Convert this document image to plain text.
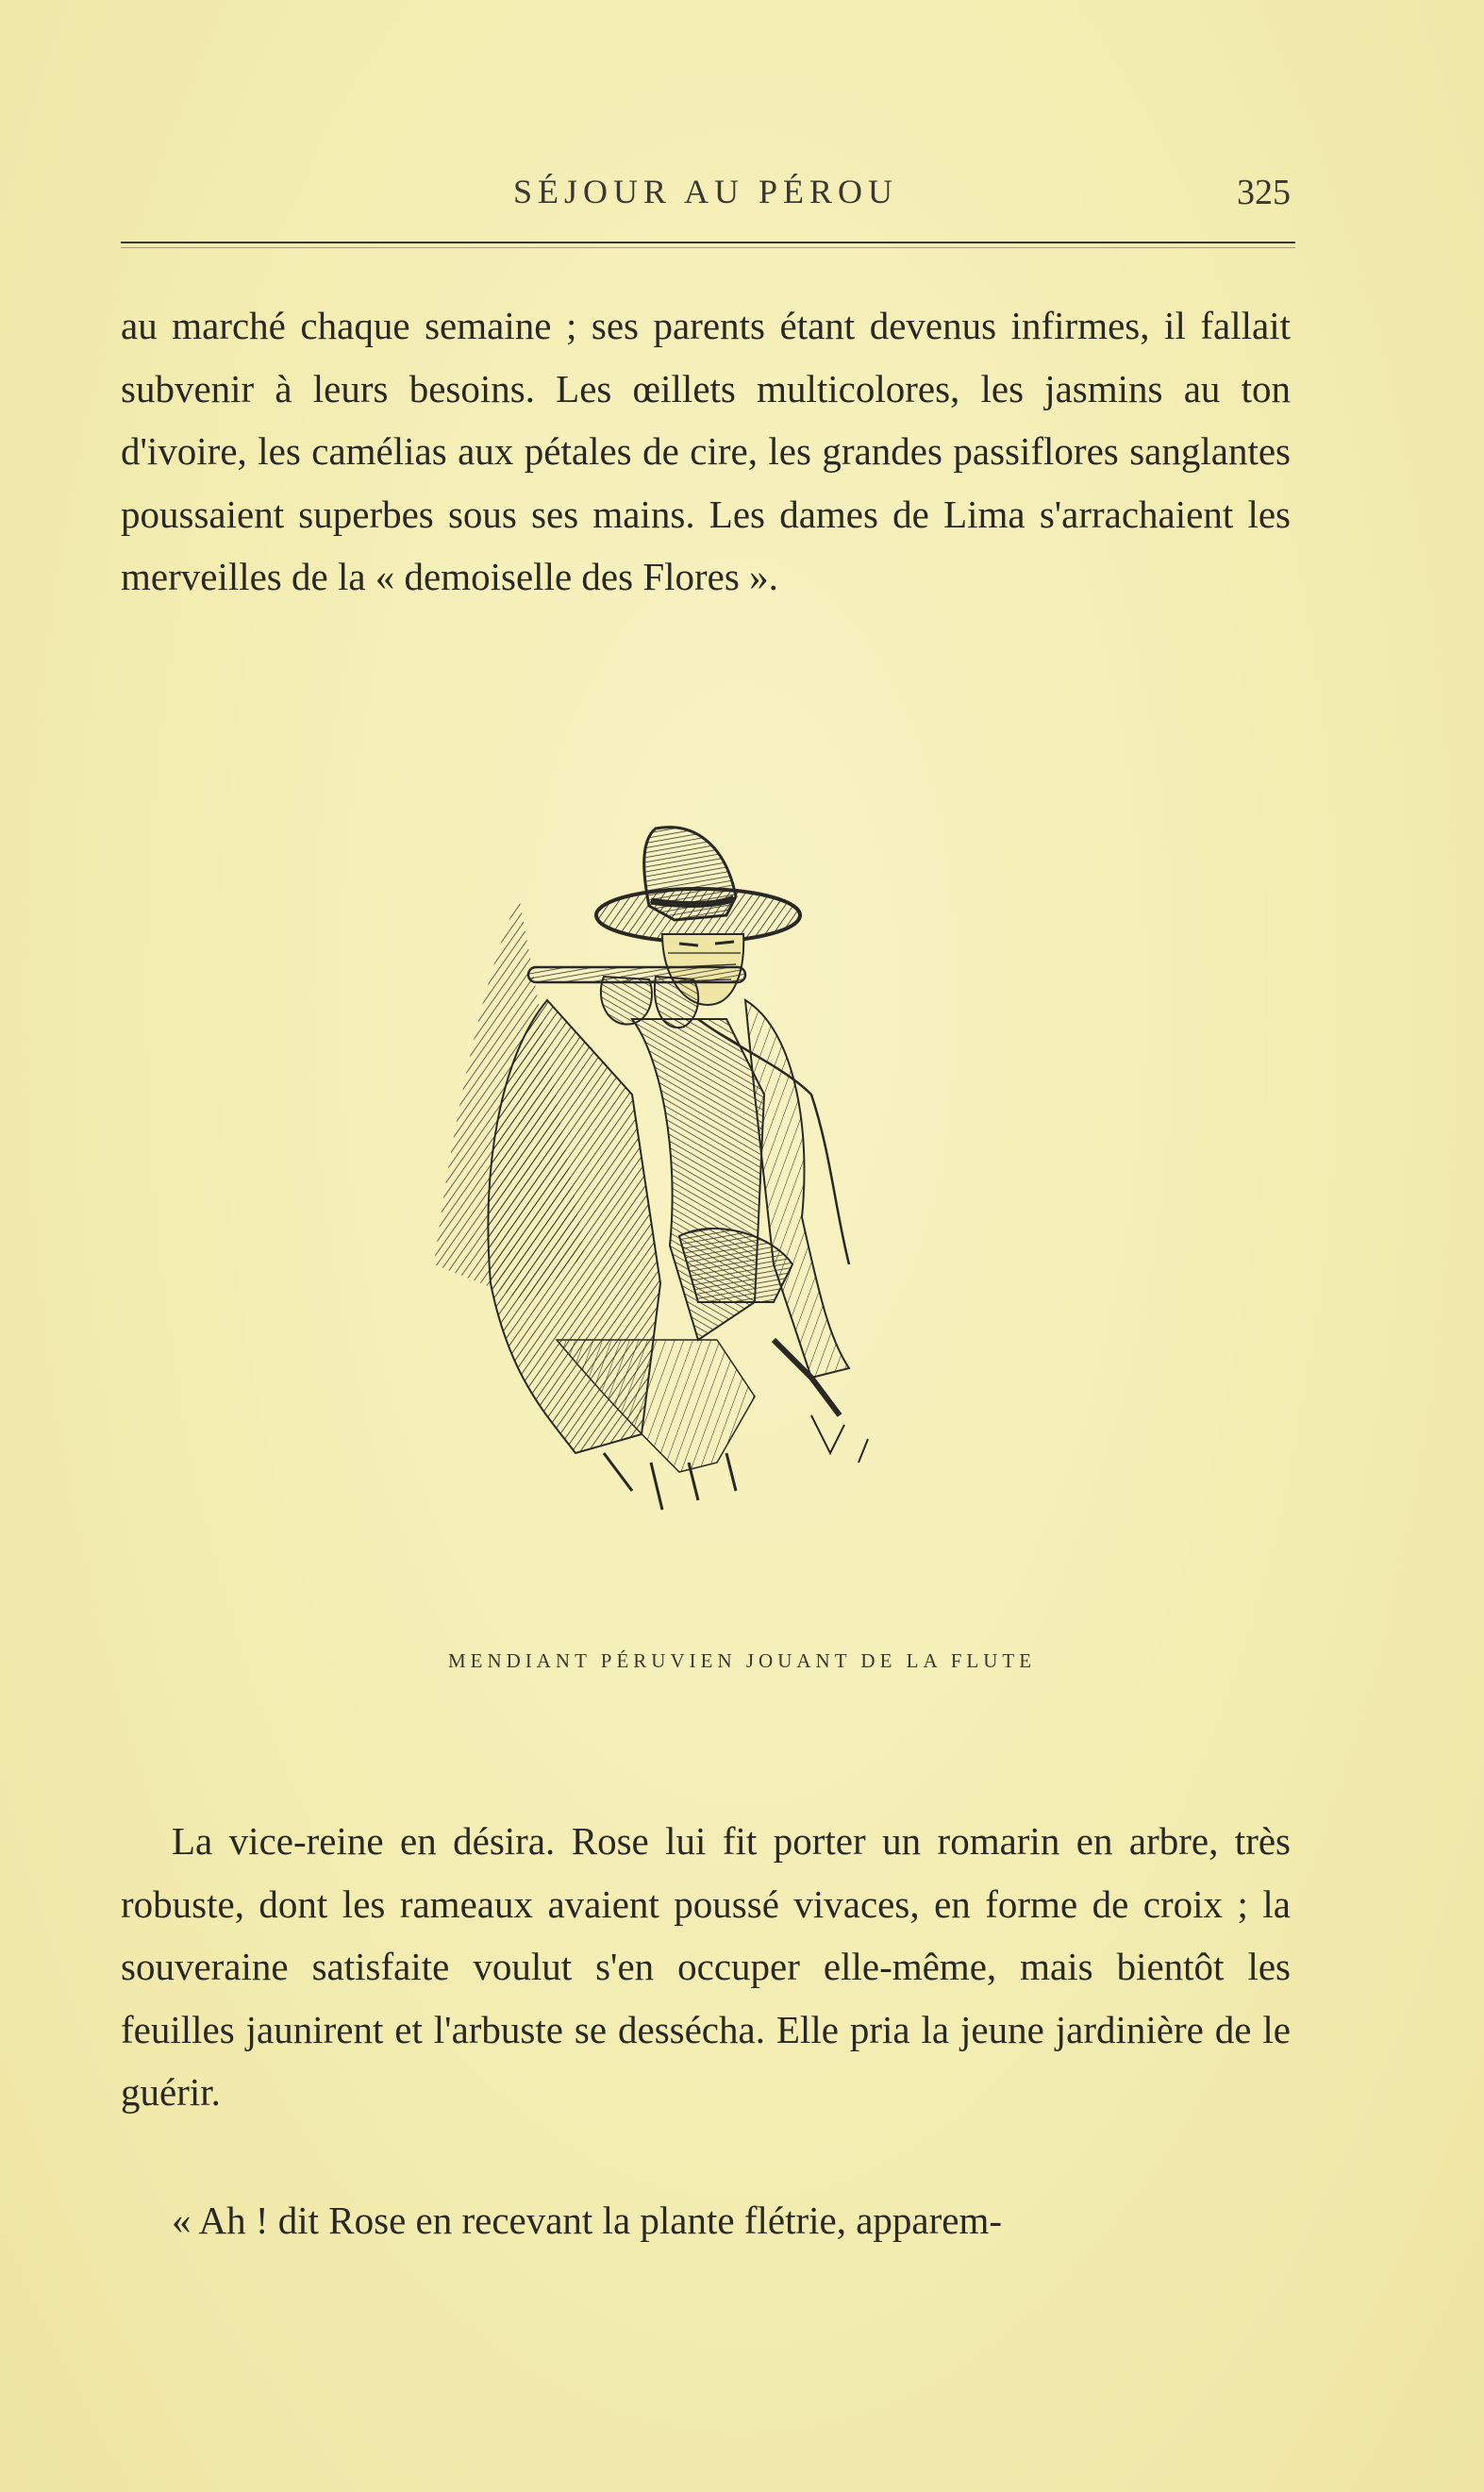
SÉJOUR AU PÉROU	325

au marché chaque semaine ; ses parents étant devenus infirmes, il fallait subvenir à leurs besoins. Les œillets multicolores, les jasmins au ton d'ivoire, les camélias aux pétales de cire, les grandes passiflores sanglantes poussaient superbes sous ses mains. Les dames de Lima s'arrachaient les merveilles de la « demoiselle des Flores ».

MENDIANT PÉRUVIEN JOUANT DE LA FLUTE

La vice-reine en désira. Rose lui fit porter un romarin en arbre, très robuste, dont les rameaux avaient poussé vivaces, en forme de croix ; la souveraine satisfaite voulut s'en occuper elle-même, mais bientôt les feuilles jaunirent et l'arbuste se dessécha. Elle pria la jeune jardinière de le guérir.

« Ah ! dit Rose en recevant la plante flétrie, apparem-
